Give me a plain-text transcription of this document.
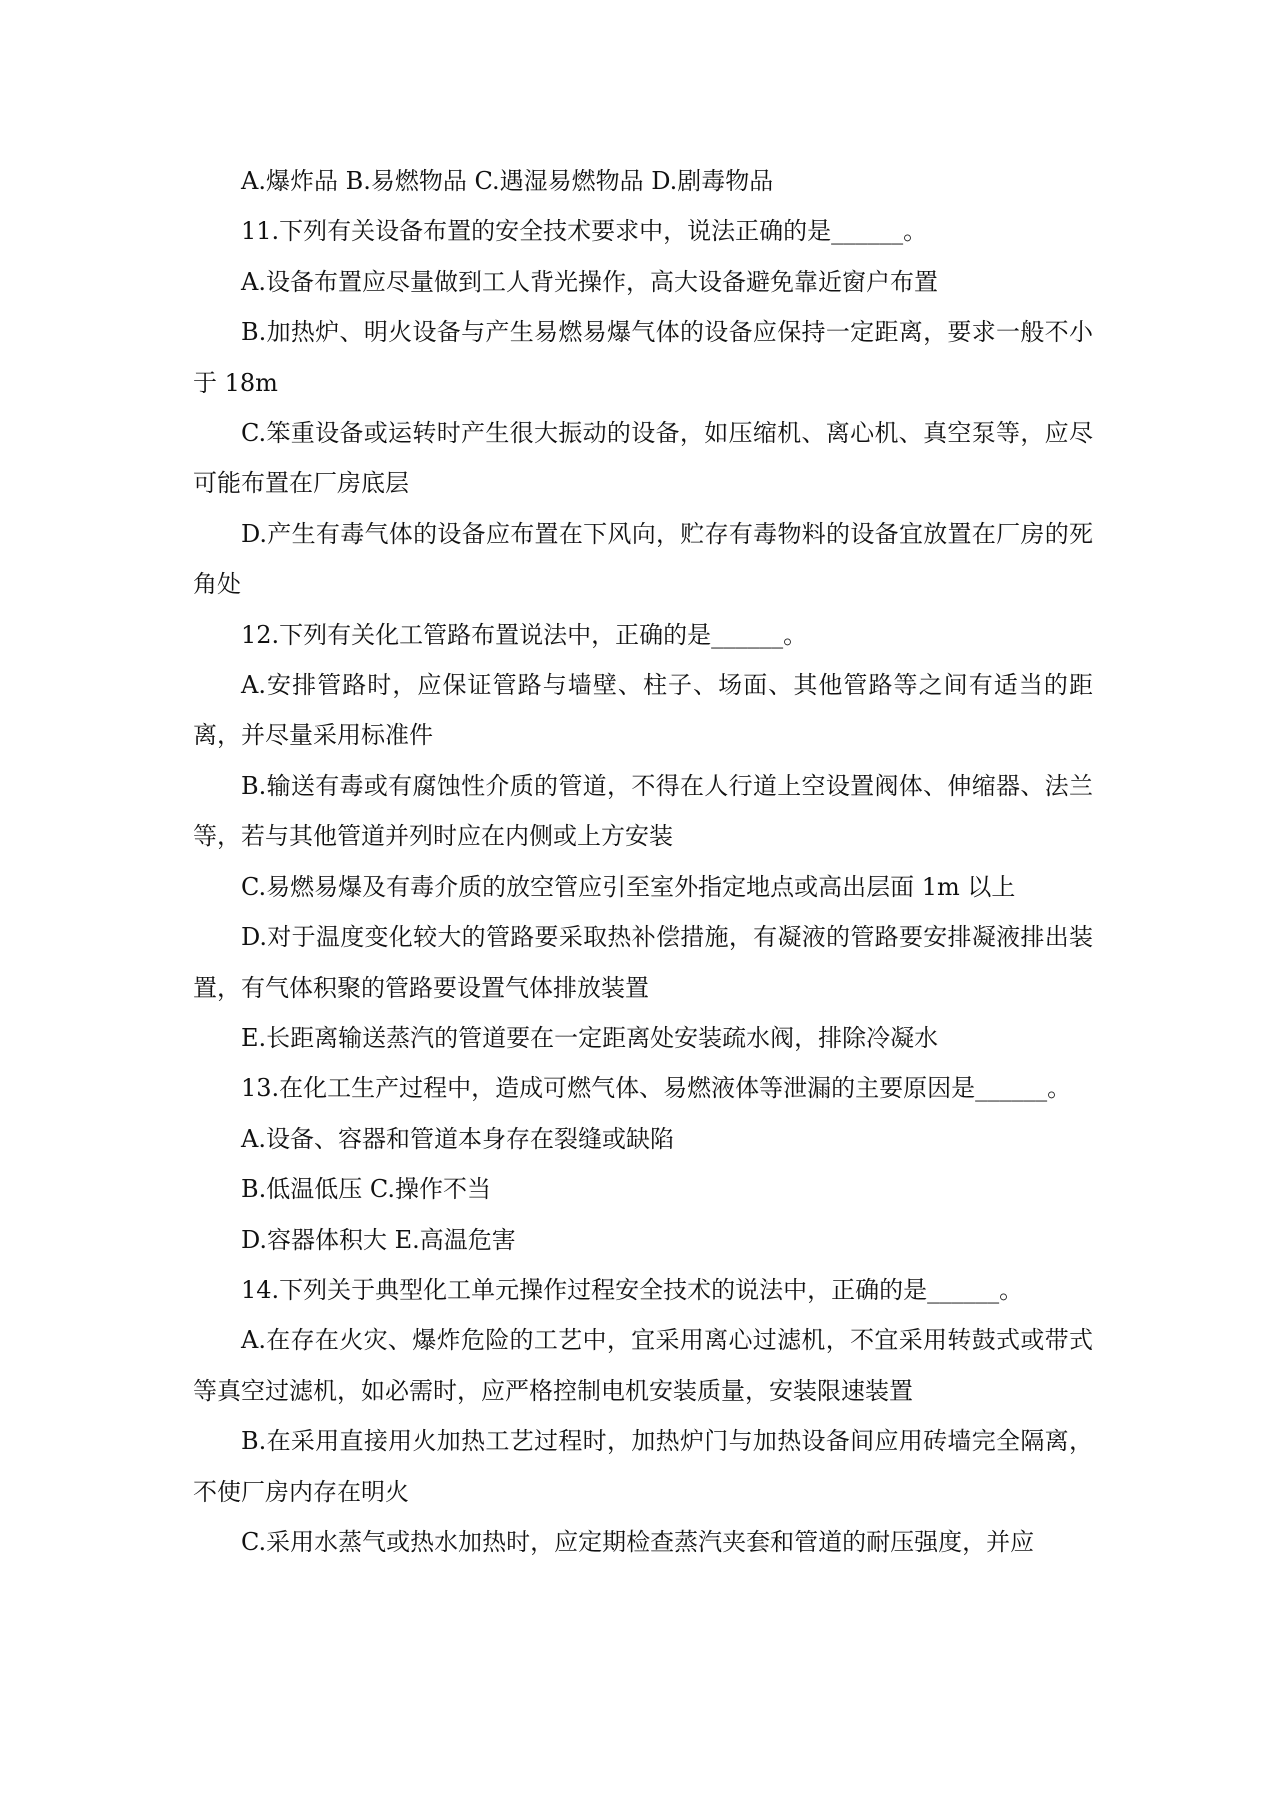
A.爆炸品 B.易燃物品 C.遇湿易燃物品 D.剧毒物品

11.下列有关设备布置的安全技术要求中，说法正确的是______。

A.设备布置应尽量做到工人背光操作，高大设备避免靠近窗户布置

B.加热炉、明火设备与产生易燃易爆气体的设备应保持一定距离，要求一般不小于 18m

C.笨重设备或运转时产生很大振动的设备，如压缩机、离心机、真空泵等，应尽可能布置在厂房底层

D.产生有毒气体的设备应布置在下风向，贮存有毒物料的设备宜放置在厂房的死角处

12.下列有关化工管路布置说法中，正确的是______。

A.安排管路时，应保证管路与墙壁、柱子、场面、其他管路等之间有适当的距离，并尽量采用标准件

B.输送有毒或有腐蚀性介质的管道，不得在人行道上空设置阀体、伸缩器、法兰等，若与其他管道并列时应在内侧或上方安装

C.易燃易爆及有毒介质的放空管应引至室外指定地点或高出层面 1m 以上

D.对于温度变化较大的管路要采取热补偿措施，有凝液的管路要安排凝液排出装置，有气体积聚的管路要设置气体排放装置

E.长距离输送蒸汽的管道要在一定距离处安装疏水阀，排除冷凝水

13.在化工生产过程中，造成可燃气体、易燃液体等泄漏的主要原因是______。

A.设备、容器和管道本身存在裂缝或缺陷

B.低温低压 C.操作不当

D.容器体积大 E.高温危害

14.下列关于典型化工单元操作过程安全技术的说法中，正确的是______。

A.在存在火灾、爆炸危险的工艺中，宜采用离心过滤机，不宜采用转鼓式或带式等真空过滤机，如必需时，应严格控制电机安装质量，安装限速装置

B.在采用直接用火加热工艺过程时，加热炉门与加热设备间应用砖墙完全隔离，不使厂房内存在明火

C.采用水蒸气或热水加热时，应定期检查蒸汽夹套和管道的耐压强度，并应
